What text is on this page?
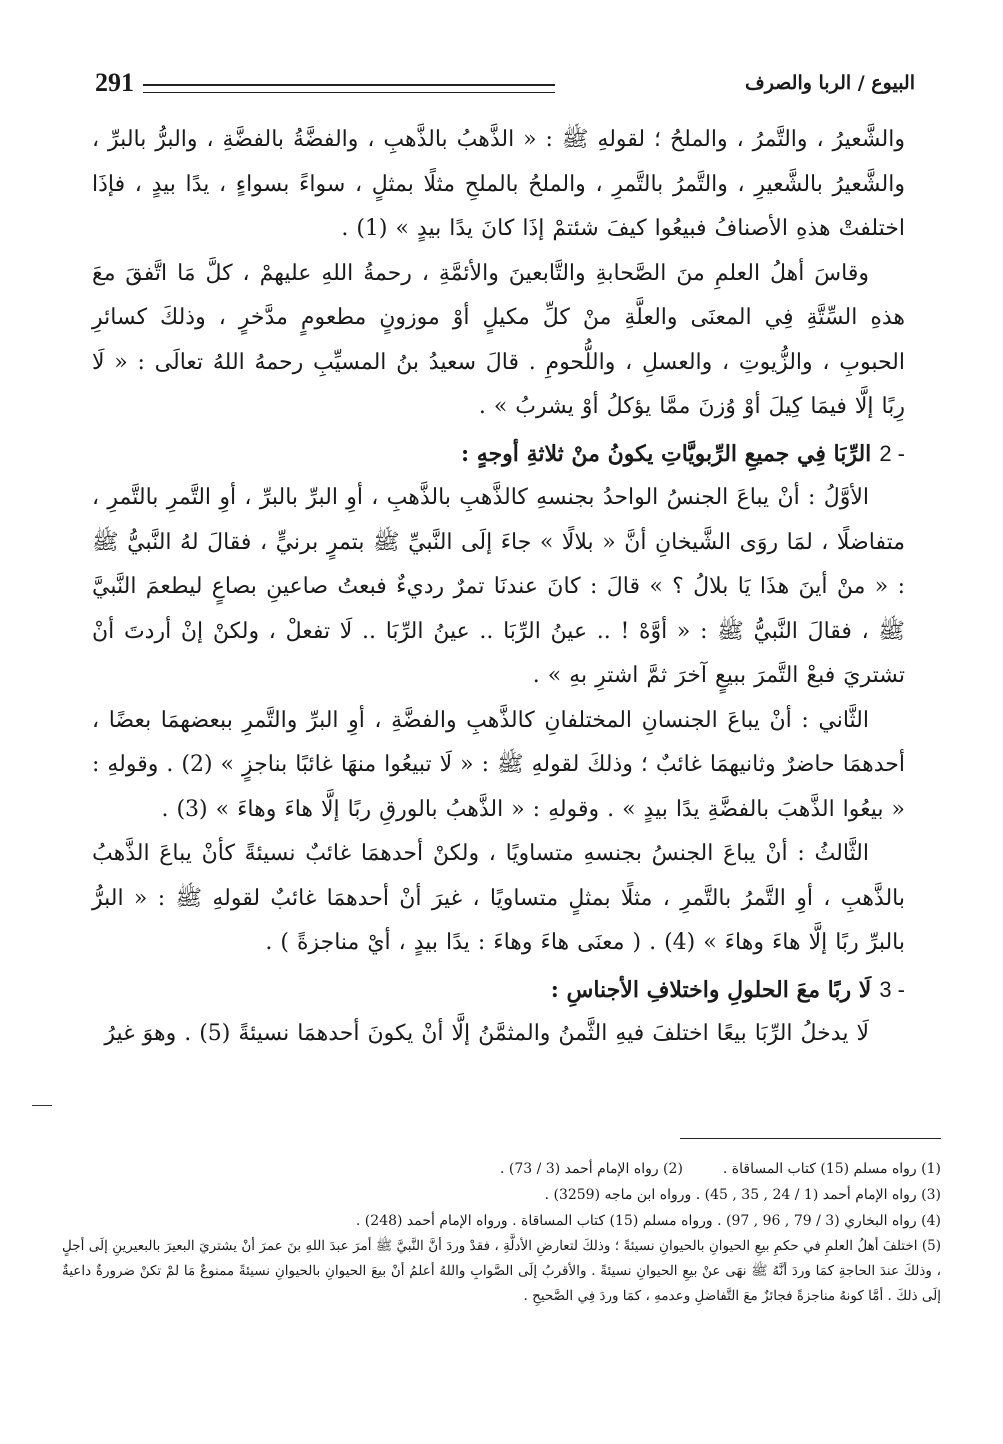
291	البيوع / الربا والصرف

والشَّعيرُ ، والتَّمرُ ، والملحُ ؛ لقولهِ ﷺ : « الذَّهبُ بالذَّهبِ ، والفضَّةُ بالفضَّةِ ، والبرُّ بالبرِّ ، والشَّعيرُ بالشَّعيرِ ، والتَّمرُ بالتَّمرِ ، والملحُ بالملحِ مثلًا بمثلٍ ، سواءً بسواءٍ ، يدًا بيدٍ ، فإذَا اختلفتْ هذهِ الأصنافُ فبيعُوا كيفَ شئتمْ إذَا كانَ يدًا بيدٍ » (1) .

وقاسَ أهلُ العلمِ منَ الصَّحابةِ والتَّابعينَ والأئمَّةِ ، رحمةُ اللهِ عليهمْ ، كلَّ مَا اتَّفقَ معَ هذهِ السِّتَّةِ فِي المعنَى والعلَّةِ منْ كلِّ مكيلٍ أوْ موزونٍ مطعومٍ مدَّخرٍ ، وذلكَ كسائرِ الحبوبِ ، والزُّيوتِ ، والعسلِ ، واللُّحومِ . قالَ سعيدُ بنُ المسيِّبِ رحمهُ اللهُ تعالَى : « لَا رِبًا إلَّا فيمَا كِيلَ أوْ وُزنَ ممَّا يؤكلُ أوْ يشربُ » .

2 -
الرِّبَا فِي جميعِ الرِّبويَّاتِ يكونُ منْ ثلاثةِ أوجهٍ :

الأوَّلُ : أنْ يباعَ الجنسُ الواحدُ بجنسهِ كالذَّهبِ بالذَّهبِ ، أوِ البرِّ بالبرِّ ، أوِ التَّمرِ بالتَّمرِ ، متفاضلًا ، لمَا روَى الشَّيخانِ أنَّ « بلالًا » جاءَ إلَى النَّبيِّ ﷺ بتمرٍ برنيٍّ ، فقالَ لهُ النَّبيُّ ﷺ : « منْ أينَ هذَا يَا بلالُ ؟ » قالَ : كانَ عندنَا تمرٌ رديءٌ فبعتُ صاعينِ بصاعٍ ليطعمَ النَّبيَّ ﷺ ، فقالَ النَّبيُّ ﷺ : « أوَّهْ ! .. عينُ الرِّبَا .. عينُ الرِّبَا .. لَا تفعلْ ، ولكنْ إنْ أردتَ أنْ تشتريَ فبعْ التَّمرَ ببيعٍ آخرَ ثمَّ اشترِ بهِ » .

الثَّاني : أنْ يباعَ الجنسانِ المختلفانِ كالذَّهبِ والفضَّةِ ، أوِ البرِّ والتَّمرِ ببعضهمَا بعضًا ، أحدهمَا حاضرٌ وثانيهمَا غائبٌ ؛ وذلكَ لقولهِ ﷺ : « لَا تبيعُوا منهَا غائبًا بناجزٍ » (2) . وقولهِ : « بيعُوا الذَّهبَ بالفضَّةِ يدًا بيدٍ » . وقولهِ : « الذَّهبُ بالورقِ ربًا إلَّا هاءَ وهاءَ » (3) .

الثَّالثُ : أنْ يباعَ الجنسُ بجنسهِ متساويًا ، ولكنْ أحدهمَا غائبٌ نسيئةً كأنْ يباعَ الذَّهبُ بالذَّهبِ ، أوِ التَّمرُ بالتَّمرِ ، مثلًا بمثلٍ متساويًا ، غيرَ أنْ أحدهمَا غائبٌ لقولهِ ﷺ : « البرُّ بالبرِّ ربًا إلَّا هاءَ وهاءَ » (4) . ( معنَى هاءَ وهاءَ : يدًا بيدٍ ، أيْ مناجزةً ) .

3 -
لَا ربًا معَ الحلولِ واختلافِ الأجناسِ :

لَا يدخلُ الرِّبَا بيعًا اختلفَ فيهِ الثَّمنُ والمثمَّنُ إلَّا أنْ يكونَ أحدهمَا نسيئةً (5) . وهوَ غيرُ

(1) رواه مسلم (15) كتاب المساقاة .
(2) رواه الإمام أحمد (3 / 73) .
(3) رواه الإمام أحمد (1 / 24 , 35 , 45) . ورواه ابن ماجه (3259) .
(4) رواه البخاري (3 / 79 , 96 , 97) . ورواه مسلم (15) كتاب المساقاة . ورواه الإمام أحمد (248) .
(5) اختلفَ أهلُ العلمِ في حكمِ بيعِ الحيوانِ بالحيوانِ نسيئةً ؛ وذلكَ لتعارضِ الأدلَّةِ ، فقدْ وردَ أنَّ النَّبيَّ ﷺ أمرَ عبدَ اللهِ بنَ عمرَ أنْ يشتريَ البعيرَ بالبعيرينِ إلَى أجلٍ ، وذلكَ عندَ الحاجةِ كمَا وردَ أنَّهُ ﷺ نهَى عنْ بيعِ الحيوانِ نسيئةً . والأقربُ إلَى الصَّوابِ واللهُ أعلمُ أنْ بيعَ الحيوانِ بالحيوانِ نسيئةً ممنوعٌ مَا لمْ تكنْ ضرورةٌ داعيةٌ إلَى ذلكَ . أمَّا كونهُ مناجزةً فجائزٌ معَ التَّفاضلِ وعدمهِ ، كمَا وردَ فِي الصَّحيحِ .
